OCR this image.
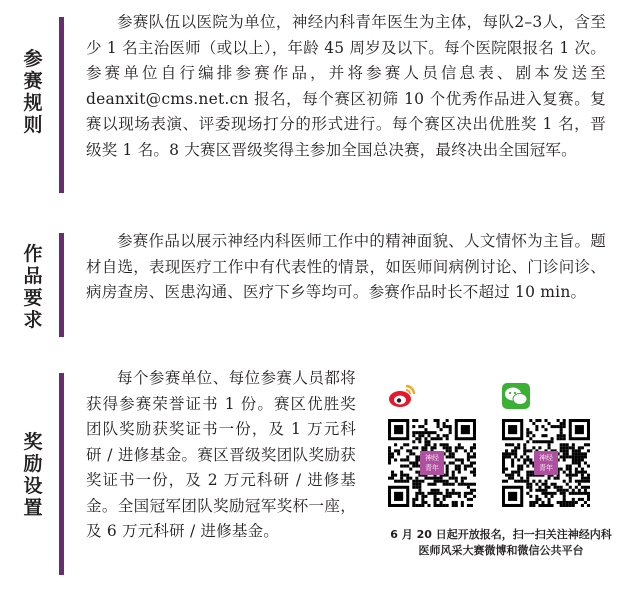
参
赛
规
则

参赛队伍以医院为单位，神经内科青年医生为主体，每队2–3人，含至少 1 名主治医师（或以上），年龄 45 周岁及以下。每个医院限报名 1 次。参赛单位自行编排参赛作品，并将参赛人员信息表、剧本发送至 deanxit@cms.net.cn 报名，每个赛区初筛 10 个优秀作品进入复赛。复赛以现场表演、评委现场打分的形式进行。每个赛区决出优胜奖 1 名，晋级奖 1 名。8 大赛区晋级奖得主参加全国总决赛，最终决出全国冠军。

作
品
要
求

参赛作品以展示神经内科医师工作中的精神面貌、人文情怀为主旨。题材自选，表现医疗工作中有代表性的情景，如医师间病例讨论、门诊问诊、病房查房、医患沟通、医疗下乡等均可。参赛作品时长不超过 10 min。

奖
励
设
置

每个参赛单位、每位参赛人员都将获得参赛荣誉证书 1 份。赛区优胜奖团队奖励获奖证书一份，及 1 万元科研 / 进修基金。赛区晋级奖团队奖励获奖证书一份，及 2 万元科研 / 进修基金。全国冠军团队奖励冠军奖杯一座，及 6 万元科研 / 进修基金。

神经
青年
神经
青年
6 月 20 日起开放报名，扫一扫关注神经内科医师风采大赛微博和微信公共平台
